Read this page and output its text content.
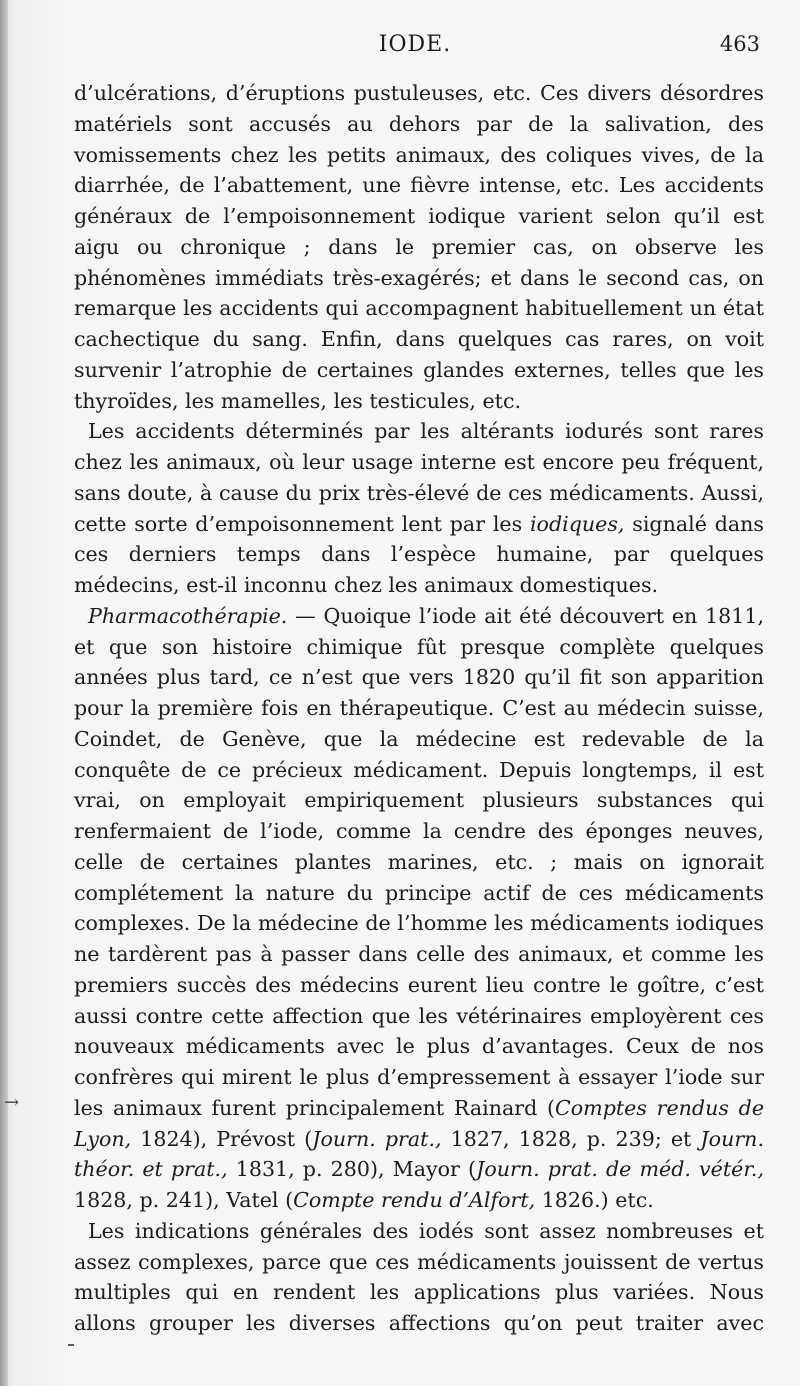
IODE.	463

d’ulcérations, d’éruptions pustuleuses, etc. Ces divers désordres matériels sont accusés au dehors par de la salivation, des vomissements chez les petits animaux, des coliques vives, de la diarrhée, de l’abattement, une fièvre intense, etc. Les accidents généraux de l’empoisonnement iodique varient selon qu’il est aigu ou chronique ; dans le premier cas, on observe les phénomènes immédiats très-exagérés; et dans le second cas, on remarque les accidents qui accompagnent habituellement un état cachectique du sang. Enfin, dans quelques cas rares, on voit survenir l’atrophie de certaines glandes externes, telles que les thyroïdes, les mamelles, les testicules, etc.

Les accidents déterminés par les altérants iodurés sont rares chez les animaux, où leur usage interne est encore peu fréquent, sans doute, à cause du prix très-élevé de ces médicaments. Aussi, cette sorte d’empoisonnement lent par les iodiques, signalé dans ces derniers temps dans l’espèce humaine, par quelques médecins, est-il inconnu chez les animaux domestiques.

Pharmacothérapie. — Quoique l’iode ait été découvert en 1811, et que son histoire chimique fût presque complète quelques années plus tard, ce n’est que vers 1820 qu’il fit son apparition pour la première fois en thérapeutique. C’est au médecin suisse, Coindet, de Genève, que la médecine est redevable de la conquête de ce précieux médicament. Depuis longtemps, il est vrai, on employait empiriquement plusieurs substances qui renfermaient de l’iode, comme la cendre des éponges neuves, celle de certaines plantes marines, etc. ; mais on ignorait complétement la nature du principe actif de ces médicaments complexes. De la médecine de l’homme les médicaments iodiques ne tardèrent pas à passer dans celle des animaux, et comme les premiers succès des médecins eurent lieu contre le goître, c’est aussi contre cette affection que les vétérinaires employèrent ces nouveaux médicaments avec le plus d’avantages. Ceux de nos confrères qui mirent le plus d’empressement à essayer l’iode sur les animaux furent principalement Rainard (Comptes rendus de Lyon, 1824), Prévost (Journ. prat., 1827, 1828, p. 239; et Journ. théor. et prat., 1831, p. 280), Mayor (Journ. prat. de méd. vétér., 1828, p. 241), Vatel (Compte rendu d’Alfort, 1826.) etc.

Les indications générales des iodés sont assez nombreuses et assez complexes, parce que ces médicaments jouissent de vertus multiples qui en rendent les applications plus variées. Nous allons grouper les diverses affections qu’on peut traiter avec

→
